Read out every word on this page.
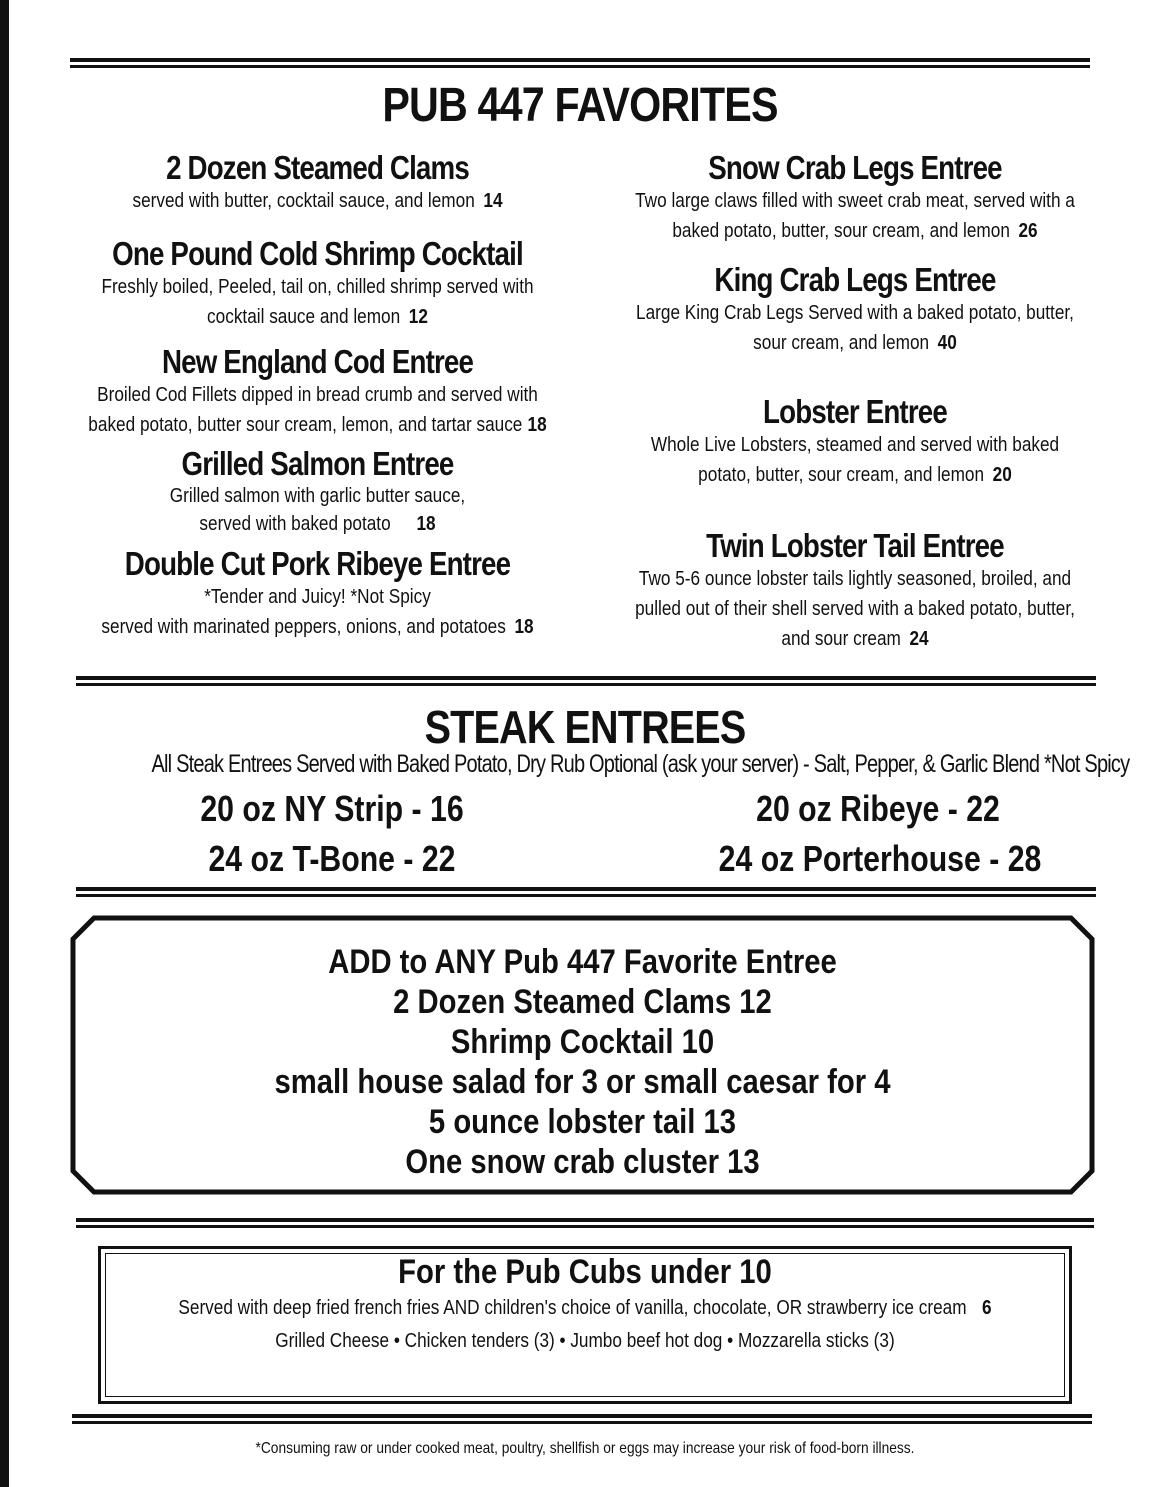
PUB 447 FAVORITES
2 Dozen Steamed Clams
served with butter, cocktail sauce, and lemon 14
One Pound Cold Shrimp Cocktail
Freshly boiled, Peeled, tail on, chilled shrimp served with
cocktail sauce and lemon 12
New England Cod Entree
Broiled Cod Fillets dipped in bread crumb and served with
baked potato, butter sour cream, lemon, and tartar sauce 18
Grilled Salmon Entree
Grilled salmon with garlic butter sauce,
served with baked potato 18
Double Cut Pork Ribeye Entree
*Tender and Juicy! *Not Spicy
served with marinated peppers, onions, and potatoes 18
Snow Crab Legs Entree
Two large claws filled with sweet crab meat, served with a
baked potato, butter, sour cream, and lemon 26
King Crab Legs Entree
Large King Crab Legs Served with a baked potato, butter,
sour cream, and lemon 40
Lobster Entree
Whole Live Lobsters, steamed and served with baked
potato, butter, sour cream, and lemon 20
Twin Lobster Tail Entree
Two 5-6 ounce lobster tails lightly seasoned, broiled, and
pulled out of their shell served with a baked potato, butter,
and sour cream 24
STEAK ENTREES
All Steak Entrees Served with Baked Potato, Dry Rub Optional (ask your server) - Salt, Pepper, & Garlic Blend *Not Spicy
20 oz NY Strip - 16	20 oz Ribeye - 22
24 oz T-Bone - 22	24 oz Porterhouse - 28
ADD to ANY Pub 447 Favorite Entree
2 Dozen Steamed Clams 12
Shrimp Cocktail 10
small house salad for 3 or small caesar for 4
5 ounce lobster tail 13
One snow crab cluster 13
For the Pub Cubs under 10
Served with deep fried french fries AND children's choice of vanilla, chocolate, OR strawberry ice cream 6
Grilled Cheese • Chicken tenders (3) • Jumbo beef hot dog • Mozzarella sticks (3)
*Consuming raw or under cooked meat, poultry, shellfish or eggs may increase your risk of food-born illness.
